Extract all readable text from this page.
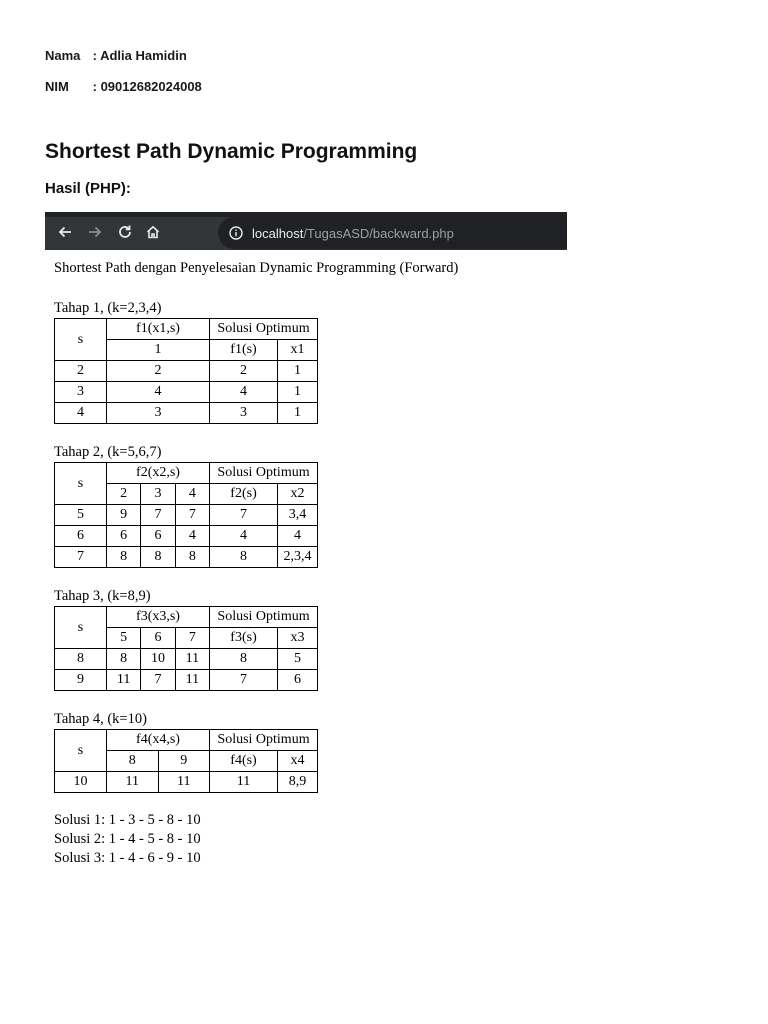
Nama : Adlia Hamidin
NIM : 09012682024008
Shortest Path Dynamic Programming
Hasil (PHP):
localhost/TugasASD/backward.php
Shortest Path dengan Penyelesaian Dynamic Programming (Forward)
Tahap 1, (k=2,3,4)
s	f1(x1,s)	Solusi Optimum	
	1	f1(s)	x1
2	2	2	1
3	4	4	1
4	3	3	1
Tahap 2, (k=5,6,7)
s	f2(x2,s)			Solusi Optimum	
	2	3	4	f2(s)	x2
5	9	7	7	7	3,4
6	6	6	4	4	4
7	8	8	8	8	2,3,4
Tahap 3, (k=8,9)
s	f3(x3,s)			Solusi Optimum	
	5	6	7	f3(s)	x3
8	8	10	11	8	5
9	11	7	11	7	6
Tahap 4, (k=10)
s	f4(x4,s)		Solusi Optimum	
	8	9	f4(s)	x4
10	11	11	11	8,9
Solusi 1: 1 - 3 - 5 - 8 - 10
Solusi 2: 1 - 4 - 5 - 8 - 10
Solusi 3: 1 - 4 - 6 - 9 - 10
